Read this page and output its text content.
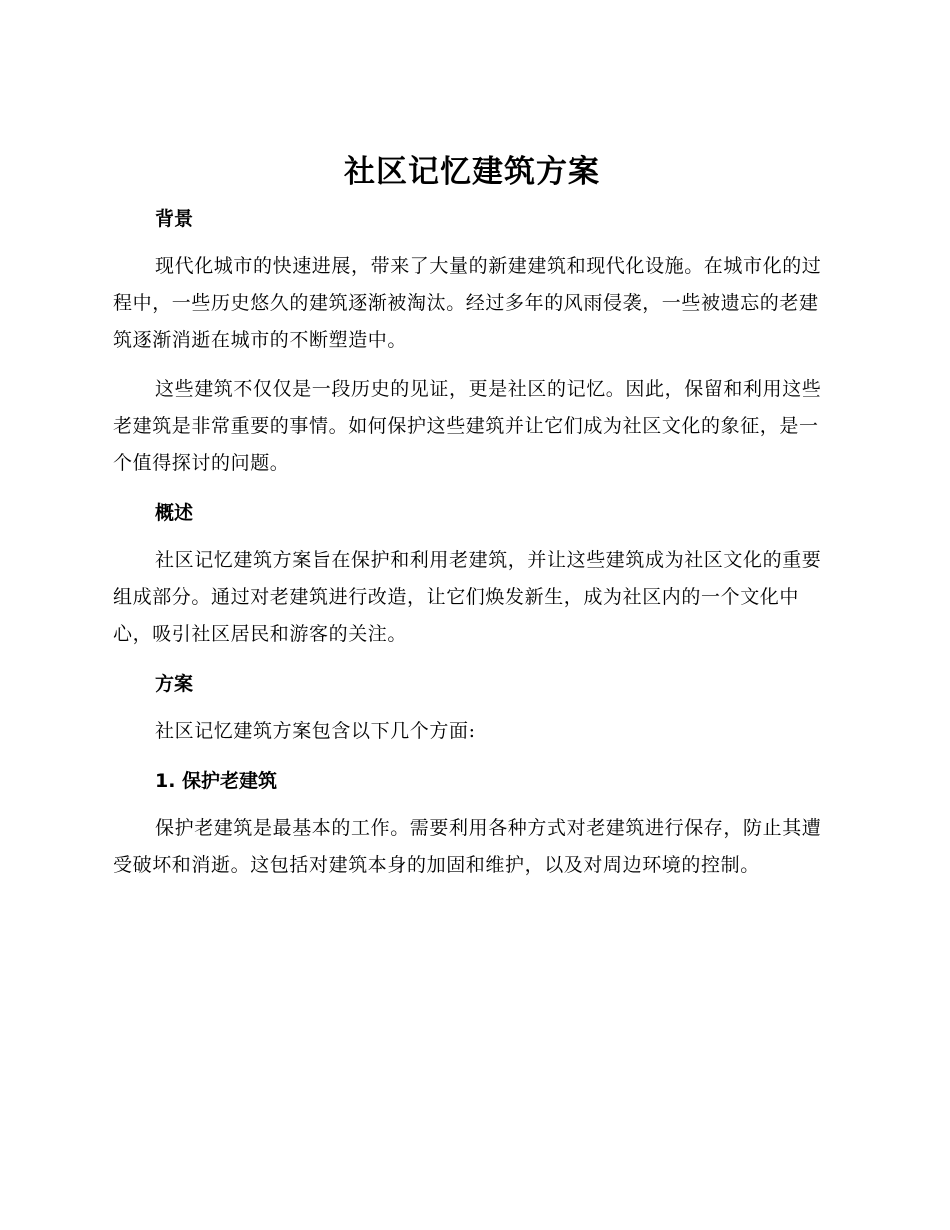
社区记忆建筑方案
背景

现代化城市的快速进展，带来了大量的新建建筑和现代化设施。在城市化的过程中，一些历史悠久的建筑逐渐被淘汰。经过多年的风雨侵袭，一些被遗忘的老建筑逐渐消逝在城市的不断塑造中。

这些建筑不仅仅是一段历史的见证，更是社区的记忆。因此，保留和利用这些老建筑是非常重要的事情。如何保护这些建筑并让它们成为社区文化的象征，是一个值得探讨的问题。

概述

社区记忆建筑方案旨在保护和利用老建筑，并让这些建筑成为社区文化的重要组成部分。通过对老建筑进行改造，让它们焕发新生，成为社区内的一个文化中心，吸引社区居民和游客的关注。

方案

社区记忆建筑方案包含以下几个方面:

1. 保护老建筑

保护老建筑是最基本的工作。需要利用各种方式对老建筑进行保存，防止其遭受破坏和消逝。这包括对建筑本身的加固和维护，以及对周边环境的控制。
